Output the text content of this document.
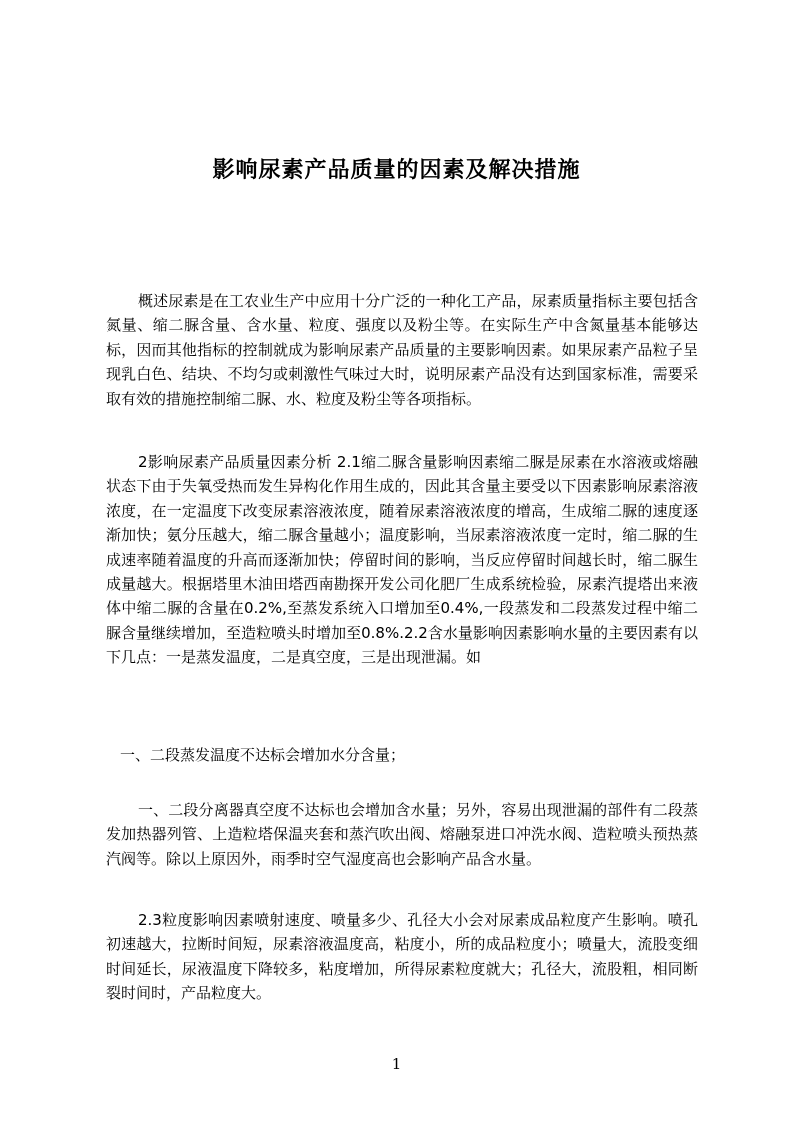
影响尿素产品质量的因素及解决措施

概述尿素是在工农业生产中应用十分广泛的一种化工产品，尿素质量指标主要包括含氮量、缩二脲含量、含水量、粒度、强度以及粉尘等。在实际生产中含氮量基本能够达标，因而其他指标的控制就成为影响尿素产品质量的主要影响因素。如果尿素产品粒子呈现乳白色、结块、不均匀或刺激性气味过大时，说明尿素产品没有达到国家标准，需要采取有效的措施控制缩二脲、水、粒度及粉尘等各项指标。

2影响尿素产品质量因素分析 2.1缩二脲含量影响因素缩二脲是尿素在水溶液或熔融状态下由于失氧受热而发生异构化作用生成的，因此其含量主要受以下因素影响尿素溶液浓度，在一定温度下改变尿素溶液浓度，随着尿素溶液浓度的增高，生成缩二脲的速度逐渐加快；氨分压越大，缩二脲含量越小；温度影响，当尿素溶液浓度一定时，缩二脲的生成速率随着温度的升高而逐渐加快；停留时间的影响，当反应停留时间越长时，缩二脲生成量越大。根据塔里木油田塔西南勘探开发公司化肥厂生成系统检验，尿素汽提塔出来液体中缩二脲的含量在0.2%,至蒸发系统入口增加至0.4%,一段蒸发和二段蒸发过程中缩二脲含量继续增加，至造粒喷头时增加至0.8%.2.2含水量影响因素影响水量的主要因素有以下几点：一是蒸发温度，二是真空度，三是出现泄漏。如

一、二段蒸发温度不达标会增加水分含量；

一、二段分离器真空度不达标也会增加含水量；另外，容易出现泄漏的部件有二段蒸发加热器列管、上造粒塔保温夹套和蒸汽吹出阀、熔融泵进口冲洗水阀、造粒喷头预热蒸汽阀等。除以上原因外，雨季时空气湿度高也会影响产品含水量。

2.3粒度影响因素喷射速度、喷量多少、孔径大小会对尿素成品粒度产生影响。喷孔初速越大，拉断时间短，尿素溶液温度高，粘度小，所的成品粒度小；喷量大，流股变细时间延长，尿液温度下降较多，粘度增加，所得尿素粒度就大；孔径大，流股粗，相同断裂时间时，产品粒度大。

1
